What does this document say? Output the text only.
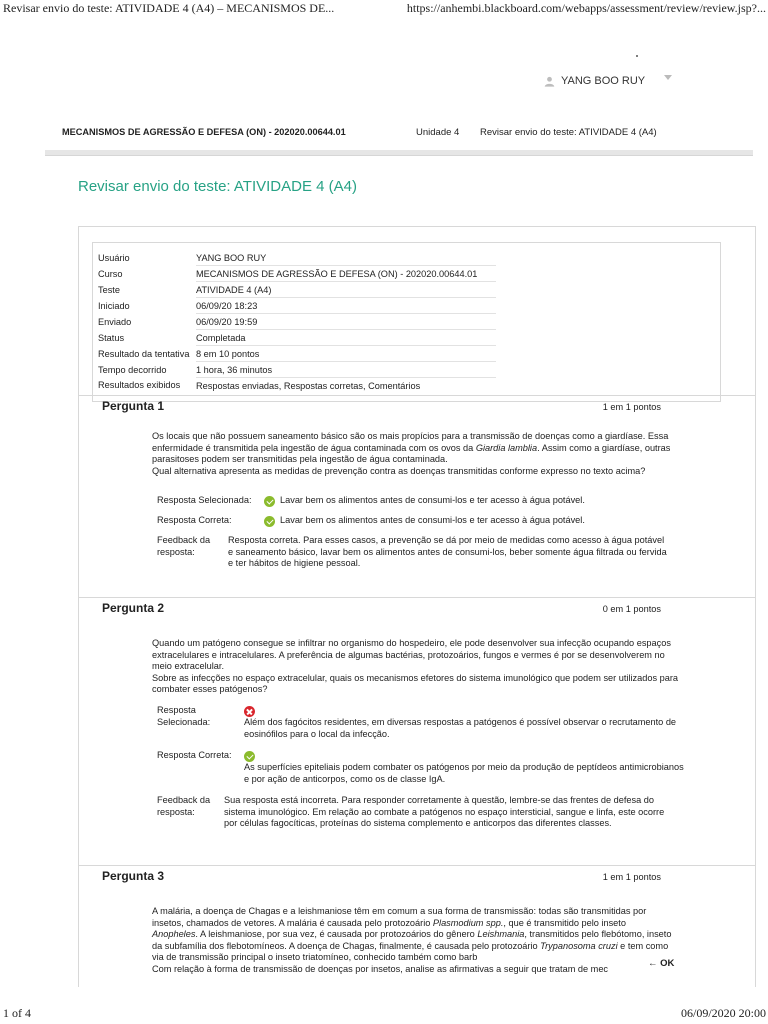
Revisar envio do teste: ATIVIDADE 4 (A4) – MECANISMOS DE...	https://anhembi.blackboard.com/webapps/assessment/review/review.jsp?...
YANG BOO RUY
MECANISMOS DE AGRESSÃO E DEFESA (ON) - 202020.00644.01	Unidade 4 Revisar envio do teste: ATIVIDADE 4 (A4)
Revisar envio do teste: ATIVIDADE 4 (A4)
Usuário	YANG BOO RUY
Curso	MECANISMOS DE AGRESSÃO E DEFESA (ON) - 202020.00644.01
Teste	ATIVIDADE 4 (A4)
Iniciado	06/09/20 18:23
Enviado	06/09/20 19:59
Status	Completada
Resultado da tentativa	8 em 10 pontos
Tempo decorrido	1 hora, 36 minutos
Resultados exibidos	Respostas enviadas, Respostas corretas, Comentários
Pergunta 1	1 em 1 pontos

Os locais que não possuem saneamento básico são os mais propícios para a transmissão de doenças como a giardíase. Essa enfermidade é transmitida pela ingestão de água contaminada com os ovos da Giardia lamblia. Assim como a giardíase, outras parasitoses podem ser transmitidas pela ingestão de água contaminada.

Qual alternativa apresenta as medidas de prevenção contra as doenças transmitidas conforme expresso no texto acima?

Resposta Selecionada:	Lavar bem os alimentos antes de consumi-los e ter acesso à água potável.
Resposta Correta:	Lavar bem os alimentos antes de consumi-los e ter acesso à água potável.
Feedback da
resposta:
Resposta correta. Para esses casos, a prevenção se dá por meio de medidas como acesso à água potável e saneamento básico, lavar bem os alimentos antes de consumi-los, beber somente água filtrada ou fervida e ter hábitos de higiene pessoal.
Pergunta 2	0 em 1 pontos

Quando um patógeno consegue se infiltrar no organismo do hospedeiro, ele pode desenvolver sua infecção ocupando espaços extracelulares e intracelulares. A preferência de algumas bactérias, protozoários, fungos e vermes é por se desenvolverem no meio extracelular.

Sobre as infecções no espaço extracelular, quais os mecanismos efetores do sistema imunológico que podem ser utilizados para combater esses patógenos?

Resposta
Selecionada:	Além dos fagócitos residentes, em diversas respostas a patógenos é possível observar o recrutamento de eosinófilos para o local da infecção.
Resposta Correta:
As superfícies epiteliais podem combater os patógenos por meio da produção de peptídeos antimicrobianos e por ação de anticorpos, como os de classe IgA.
Feedback da
resposta:
Sua resposta está incorreta. Para responder corretamente à questão, lembre-se das frentes de defesa do sistema imunológico. Em relação ao combate a patógenos no espaço intersticial, sangue e linfa, este ocorre por células fagocíticas, proteínas do sistema complemento e anticorpos das diferentes classes.
Pergunta 3	1 em 1 pontos

A malária, a doença de Chagas e a leishmaniose têm em comum a sua forma de transmissão: todas são transmitidas por insetos, chamados de vetores. A malária é causada pelo protozoário Plasmodium spp., que é transmitido pelo inseto Anopheles. A leishmaniose, por sua vez, é causada por protozoários do gênero Leishmania, transmitidos pelo flebótomo, inseto da subfamília dos flebotomíneos. A doença de Chagas, finalmente, é causada pelo protozoário Trypanosoma cruzi e tem como via de transmissão principal o inseto triatomíneo, conhecido também como barb

Com relação à forma de transmissão de doenças por insetos, analise as afirmativas a seguir que tratam de mec	← OK
1 of 4	06/09/2020 20:00
